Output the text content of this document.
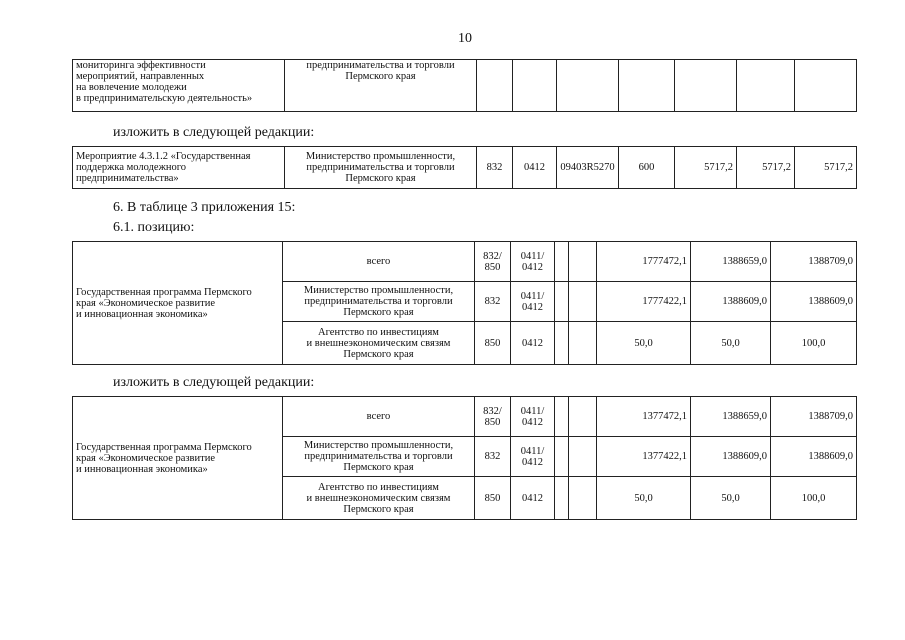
10
мониторинга эффективности
мероприятий, направленных
на вовлечение молодежи
в предпринимательскую деятельность»	предпринимательства и торговли
Пермского края							
изложить в следующей редакции:
Мероприятие 4.3.1.2 «Государственная
поддержка молодежного
предпринимательства»	Министерство промышленности,
предпринимательства и торговли
Пермского края	832	0412	09403R5270	600	5717,2	5717,2	5717,2
6. В таблице 3 приложения 15:
6.1. позицию:
Государственная программа Пермского
края «Экономическое развитие
и инновационная экономика»	всего	832/
850	0411/
0412			1777472,1	1388659,0	1388709,0
	Министерство промышленности,
предпринимательства и торговли
Пермского края	832	0411/
0412			1777422,1	1388609,0	1388609,0
	Агентство по инвестициям
и внешнеэкономическим связям
Пермского края	850	0412			50,0	50,0	100,0
изложить в следующей редакции:
Государственная программа Пермского
края «Экономическое развитие
и инновационная экономика»	всего	832/
850	0411/
0412			1377472,1	1388659,0	1388709,0
	Министерство промышленности,
предпринимательства и торговли
Пермского края	832	0411/
0412			1377422,1	1388609,0	1388609,0
	Агентство по инвестициям
и внешнеэкономическим связям
Пермского края	850	0412			50,0	50,0	100,0
